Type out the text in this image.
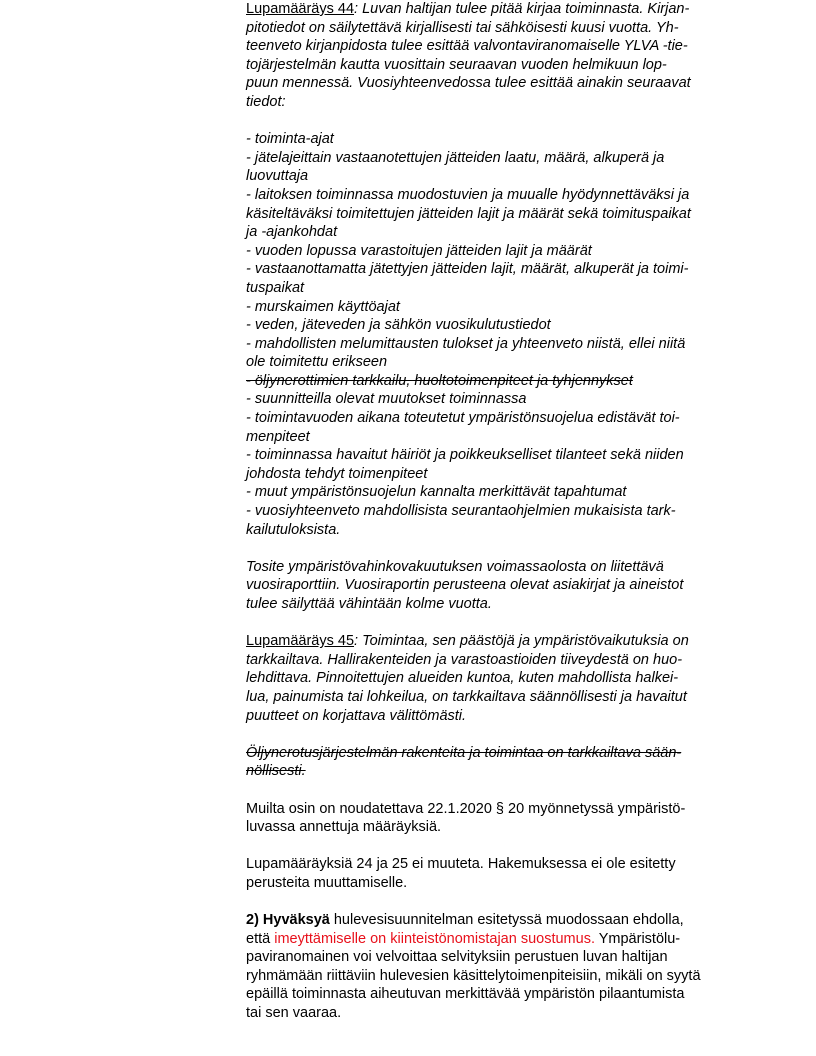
Lupamääräys 44: Luvan haltijan tulee pitää kirjaa toiminnasta. Kirjan-
pitotiedot on säilytettävä kirjallisesti tai sähköisesti kuusi vuotta. Yh-
teenveto kirjanpidosta tulee esittää valvontaviranomaiselle YLVA -tie-
tojärjestelmän kautta vuosittain seuraavan vuoden helmikuun lop-
puun mennessä. Vuosiyhteenvedossa tulee esittää ainakin seuraavat
tiedot:
- toiminta-ajat
- jätelajeittain vastaanotettujen jätteiden laatu, määrä, alkuperä ja
luovuttaja
- laitoksen toiminnassa muodostuvien ja muualle hyödynnettäväksi ja
käsiteltäväksi toimitettujen jätteiden lajit ja määrät sekä toimituspaikat
ja -ajankohdat
- vuoden lopussa varastoitujen jätteiden lajit ja määrät
- vastaanottamatta jätettyjen jätteiden lajit, määrät, alkuperät ja toimi-
tuspaikat
- murskaimen käyttöajat
- veden, jäteveden ja sähkön vuosikulutustiedot
- mahdollisten melumittausten tulokset ja yhteenveto niistä, ellei niitä
ole toimitettu erikseen
- öljynerottimien tarkkailu, huoltotoimenpiteet ja tyhjennykset
- suunnitteilla olevat muutokset toiminnassa
- toimintavuoden aikana toteutetut ympäristönsuojelua edistävät toi-
menpiteet
- toiminnassa havaitut häiriöt ja poikkeukselliset tilanteet sekä niiden
johdosta tehdyt toimenpiteet
- muut ympäristönsuojelun kannalta merkittävät tapahtumat
- vuosiyhteenveto mahdollisista seurantaohjelmien mukaisista tark-
kailutuloksista.
Tosite ympäristövahinkovakuutuksen voimassaolosta on liitettävä
vuosiraporttiin. Vuosiraportin perusteena olevat asiakirjat ja aineistot
tulee säilyttää vähintään kolme vuotta.
Lupamääräys 45: Toimintaa, sen päästöjä ja ympäristövaikutuksia on
tarkkailtava. Hallirakenteiden ja varastoastioiden tiiveydestä on huo-
lehdittava. Pinnoitettujen alueiden kuntoa, kuten mahdollista halkei-
lua, painumista tai lohkeilua, on tarkkailtava säännöllisesti ja havaitut
puutteet on korjattava välittömästi.
Öljynerotusjärjestelmän rakenteita ja toimintaa on tarkkailtava sään-
nöllisesti.
Muilta osin on noudatettava 22.1.2020 § 20 myönnetyssä ympäristö-
luvassa annettuja määräyksiä.
Lupamääräyksiä 24 ja 25 ei muuteta. Hakemuksessa ei ole esitetty
perusteita muuttamiselle.
2) Hyväksyä hulevesisuunnitelman esitetyssä muodossaan ehdolla,
että imeyttämiselle on kiinteistönomistajan suostumus. Ympäristölu-
paviranomainen voi velvoittaa selvityksiin perustuen luvan haltijan
ryhmämään riittäviin hulevesien käsittelytoimenpiteisiin, mikäli on syytä
epäillä toiminnasta aiheutuvan merkittävää ympäristön pilaantumista
tai sen vaaraa.
